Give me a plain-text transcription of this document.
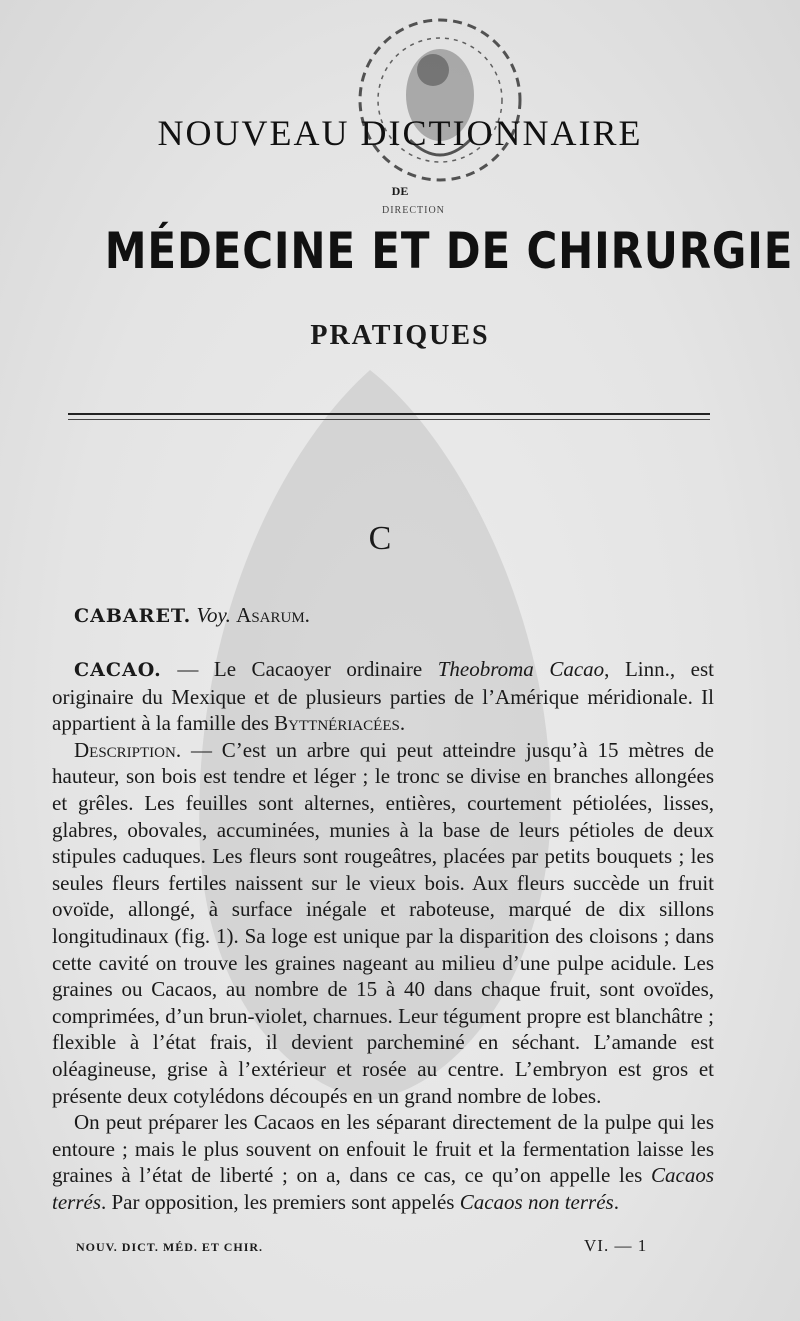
DIRECTION
NOUVEAU DICTIONNAIRE
DE
MÉDECINE ET DE CHIRURGIE
PRATIQUES
C

CABARET. Voy. Asarum.

CACAO. — Le Cacaoyer ordinaire Theobroma Cacao, Linn., est originaire du Mexique et de plusieurs parties de l’Amérique méridionale. Il appartient à la famille des Byttnériacées.

Description. — C’est un arbre qui peut atteindre jusqu’à 15 mètres de hauteur, son bois est tendre et léger ; le tronc se divise en branches allongées et grêles. Les feuilles sont alternes, entières, courtement pétiolées, lisses, glabres, obovales, accuminées, munies à la base de leurs pétioles de deux stipules caduques. Les fleurs sont rougeâtres, placées par petits bouquets ; les seules fleurs fertiles naissent sur le vieux bois. Aux fleurs succède un fruit ovoïde, allongé, à surface inégale et raboteuse, marqué de dix sillons longitudinaux (fig. 1). Sa loge est unique par la disparition des cloisons ; dans cette cavité on trouve les graines nageant au milieu d’une pulpe acidule. Les graines ou Cacaos, au nombre de 15 à 40 dans chaque fruit, sont ovoïdes, comprimées, d’un brun-violet, charnues. Leur tégument propre est blanchâtre ; flexible à l’état frais, il devient parcheminé en séchant. L’amande est oléagineuse, grise à l’extérieur et rosée au centre. L’embryon est gros et présente deux cotylédons découpés en un grand nombre de lobes.

On peut préparer les Cacaos en les séparant directement de la pulpe qui les entoure ; mais le plus souvent on enfouit le fruit et la fermentation laisse les graines à l’état de liberté ; on a, dans ce cas, ce qu’on appelle les Cacaos terrés. Par opposition, les premiers sont appelés Cacaos non terrés.

NOUV. DICT. MÉD. ET CHIR.	VI. — 1
